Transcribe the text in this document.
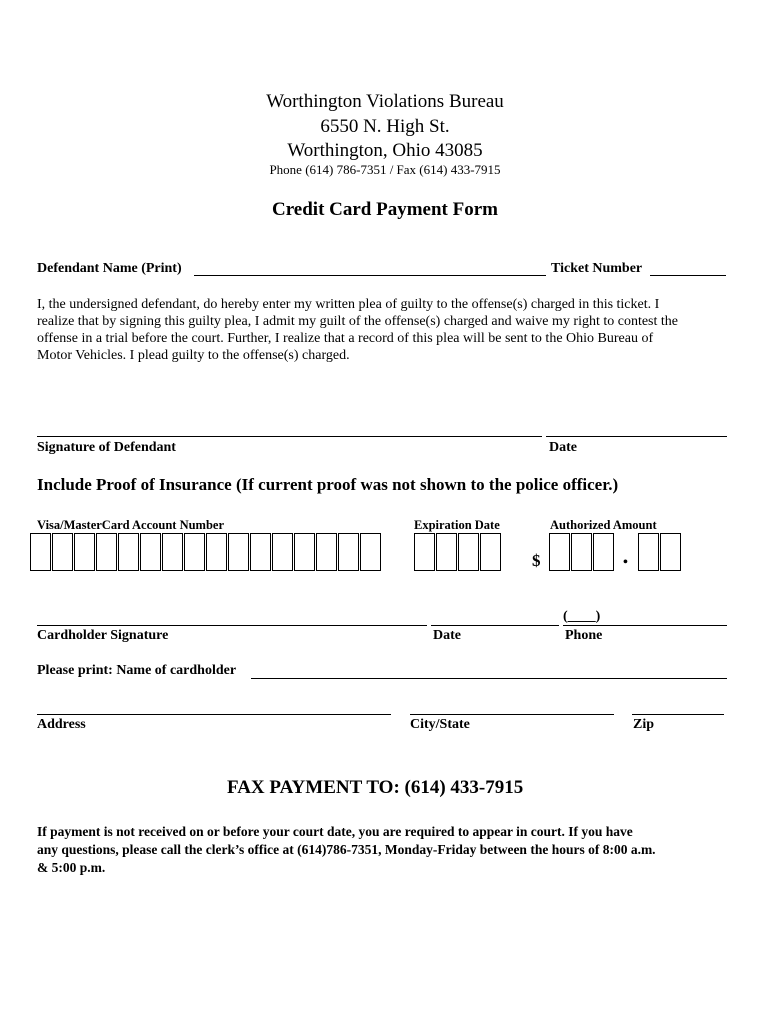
Worthington Violations Bureau
6550 N. High St.
Worthington, Ohio 43085
Phone (614) 786-7351 / Fax (614) 433-7915
Credit Card Payment Form
Defendant Name (Print)	Ticket Number
I, the undersigned defendant, do hereby enter my written plea of guilty to the offense(s) charged in this ticket. I
realize that by signing this guilty plea, I admit my guilt of the offense(s) charged and waive my right to contest the
offense in a trial before the court. Further, I realize that a record of this plea will be sent to the Ohio Bureau of
Motor Vehicles. I plead guilty to the offense(s) charged.
Signature of Defendant	Date
Include Proof of Insurance (If current proof was not shown to the police officer.)
Visa/MasterCard Account Number	Expiration Date	Authorized Amount
$	•
(____)
Cardholder Signature	Date	Phone
Please print: Name of cardholder
Address	City/State	Zip
FAX PAYMENT TO: (614) 433-7915
If payment is not received on or before your court date, you are required to appear in court. If you have
any questions, please call the clerk’s office at (614)786-7351, Monday-Friday between the hours of 8:00 a.m.
& 5:00 p.m.
